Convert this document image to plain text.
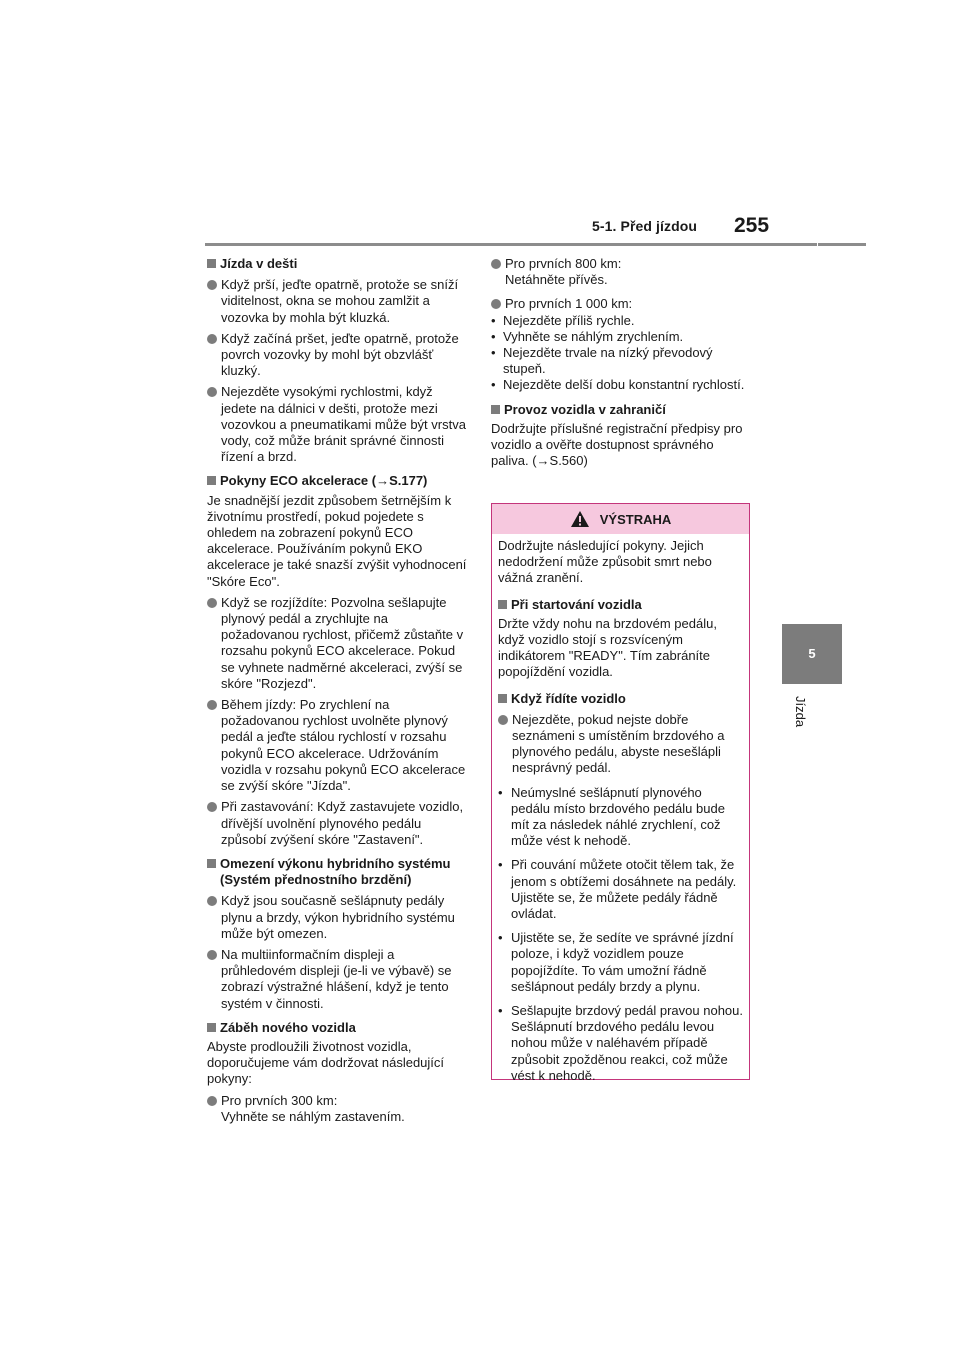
5-1. Před jízdou 255
5
Jízda
Jízda v dešti
Když prší, jeďte opatrně, protože se sníží viditelnost, okna se mohou zamlžit a vozovka by mohla být kluzká.
Když začíná pršet, jeďte opatrně, protože povrch vozovky by mohl být obzvlášť kluzký.
Nejezděte vysokými rychlostmi, když jedete na dálnici v dešti, protože mezi vozovkou a pneumatikami může být vrstva vody, což může bránit správné činnosti řízení a brzd.
Pokyny ECO akcelerace (→S.177)
Je snadnější jezdit způsobem šetrnějším k životnímu prostředí, pokud pojedete s ohledem na zobrazení pokynů ECO akcelerace. Používáním pokynů EKO akcelerace je také snazší zvýšit vyhodnocení "Skóre Eco".
Když se rozjíždíte: Pozvolna sešlapujte plynový pedál a zrychlujte na požadovanou rychlost, přičemž zůstaňte v rozsahu pokynů ECO akcelerace. Pokud se vyhnete nadměrné akceleraci, zvýší se skóre "Rozjezd".
Během jízdy: Po zrychlení na požadovanou rychlost uvolněte plynový pedál a jeďte stálou rychlostí v rozsahu pokynů ECO akcelerace. Udržováním vozidla v rozsahu pokynů ECO akcelerace se zvýší skóre "Jízda".
Při zastavování: Když zastavujete vozidlo, dřívější uvolnění plynového pedálu způsobí zvýšení skóre "Zastavení".
Omezení výkonu hybridního systému (Systém přednostního brzdění)
Když jsou současně sešlápnuty pedály plynu a brzdy, výkon hybridního systému může být omezen.
Na multiinformačním displeji a průhledovém displeji (je-li ve výbavě) se zobrazí výstražné hlášení, když je tento systém v činnosti.
Záběh nového vozidla
Abyste prodloužili životnost vozidla, doporučujeme vám dodržovat následující pokyny:
Pro prvních 300 km:
Vyhněte se náhlým zastavením.
Pro prvních 800 km:
Netáhněte přívěs.
Pro prvních 1 000 km:
• Nejezděte příliš rychle.
• Vyhněte se náhlým zrychlením.
• Nejezděte trvale na nízký převodový stupeň.
• Nejezděte delší dobu konstantní rychlostí.
Provoz vozidla v zahraničí
Dodržujte příslušné registrační předpisy pro vozidlo a ověřte dostupnost správného paliva. (→S.560)
VÝSTRAHA
Dodržujte následující pokyny. Jejich nedodržení může způsobit smrt nebo vážná zranění.
Při startování vozidla
Držte vždy nohu na brzdovém pedálu, když vozidlo stojí s rozsvíceným indikátorem "READY". Tím zabráníte popojíždění vozidla.
Když řídíte vozidlo
Nejezděte, pokud nejste dobře seznámeni s umístěním brzdového a plynového pedálu, abyste nesešlápli nesprávný pedál.
• Neúmyslné sešlápnutí plynového pedálu místo brzdového pedálu bude mít za následek náhlé zrychlení, což může vést k nehodě.
• Při couvání můžete otočit tělem tak, že jenom s obtížemi dosáhnete na pedály. Ujistěte se, že můžete pedály řádně ovládat.
• Ujistěte se, že sedíte ve správné jízdní poloze, i když vozidlem pouze popojíždíte. To vám umožní řádně sešlápnout pedály brzdy a plynu.
• Sešlapujte brzdový pedál pravou nohou. Sešlápnutí brzdového pedálu levou nohou může v naléhavém případě způsobit zpožděnou reakci, což může vést k nehodě.
